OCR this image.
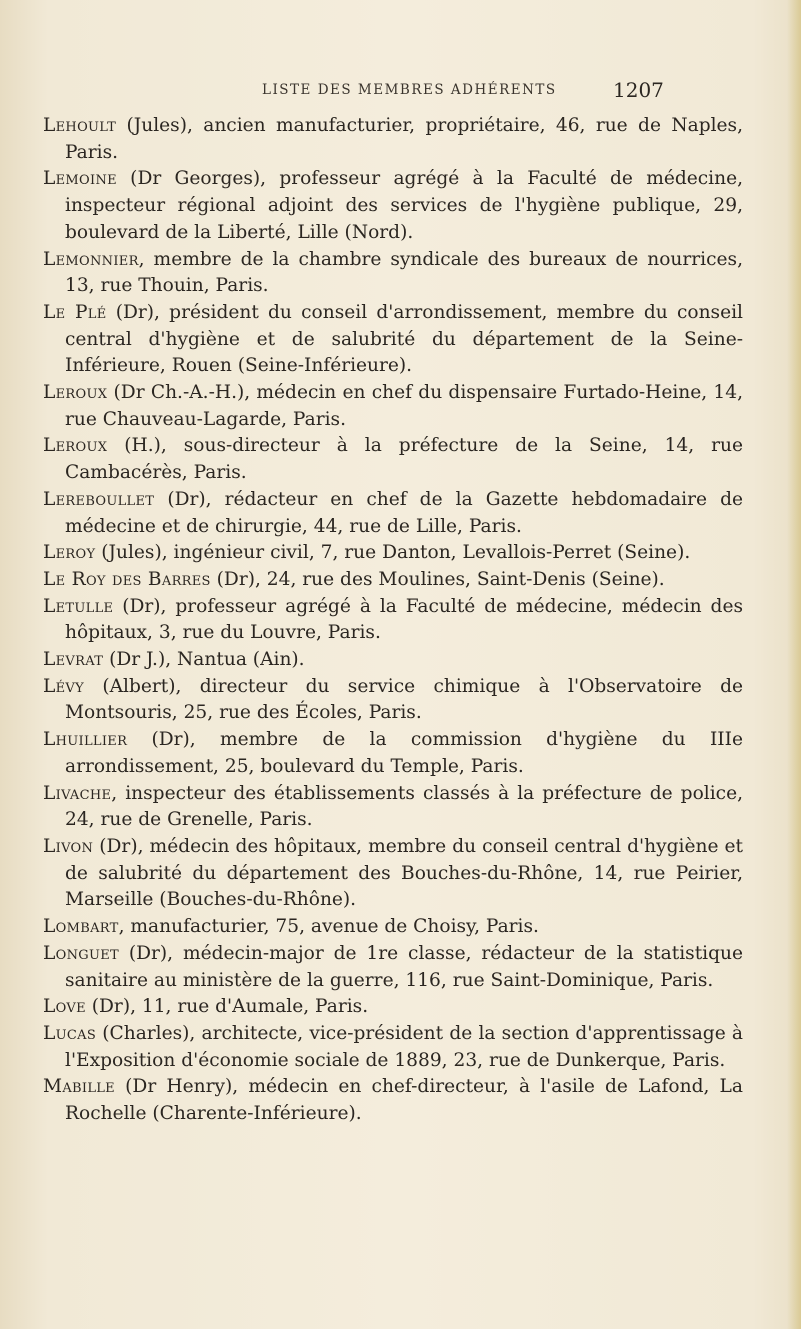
LISTE DES MEMBRES ADHÉRENTS	1207

Lehoult (Jules), ancien manufacturier, propriétaire, 46, rue de Naples, Paris.

Lemoine (Dr Georges), professeur agrégé à la Faculté de médecine, inspecteur régional adjoint des services de l'hygiène publique, 29, boulevard de la Liberté, Lille (Nord).

Lemonnier, membre de la chambre syndicale des bureaux de nourrices, 13, rue Thouin, Paris.

Le Plé (Dr), président du conseil d'arrondissement, membre du conseil central d'hygiène et de salubrité du département de la Seine-Inférieure, Rouen (Seine-Inférieure).

Leroux (Dr Ch.-A.-H.), médecin en chef du dispensaire Furtado-Heine, 14, rue Chauveau-Lagarde, Paris.

Leroux (H.), sous-directeur à la préfecture de la Seine, 14, rue Cambacérès, Paris.

Lereboullet (Dr), rédacteur en chef de la Gazette hebdomadaire de médecine et de chirurgie, 44, rue de Lille, Paris.

Leroy (Jules), ingénieur civil, 7, rue Danton, Levallois-Perret (Seine).

Le Roy des Barres (Dr), 24, rue des Moulines, Saint-Denis (Seine).

Letulle (Dr), professeur agrégé à la Faculté de médecine, médecin des hôpitaux, 3, rue du Louvre, Paris.

Levrat (Dr J.), Nantua (Ain).

Lévy (Albert), directeur du service chimique à l'Observatoire de Montsouris, 25, rue des Écoles, Paris.

Lhuillier (Dr), membre de la commission d'hygiène du IIIe arrondissement, 25, boulevard du Temple, Paris.

Livache, inspecteur des établissements classés à la préfecture de police, 24, rue de Grenelle, Paris.

Livon (Dr), médecin des hôpitaux, membre du conseil central d'hygiène et de salubrité du département des Bouches-du-Rhône, 14, rue Peirier, Marseille (Bouches-du-Rhône).

Lombart, manufacturier, 75, avenue de Choisy, Paris.

Longuet (Dr), médecin-major de 1re classe, rédacteur de la statistique sanitaire au ministère de la guerre, 116, rue Saint-Dominique, Paris.

Love (Dr), 11, rue d'Aumale, Paris.

Lucas (Charles), architecte, vice-président de la section d'apprentissage à l'Exposition d'économie sociale de 1889, 23, rue de Dunkerque, Paris.

Mabille (Dr Henry), médecin en chef-directeur, à l'asile de Lafond, La Rochelle (Charente-Inférieure).
